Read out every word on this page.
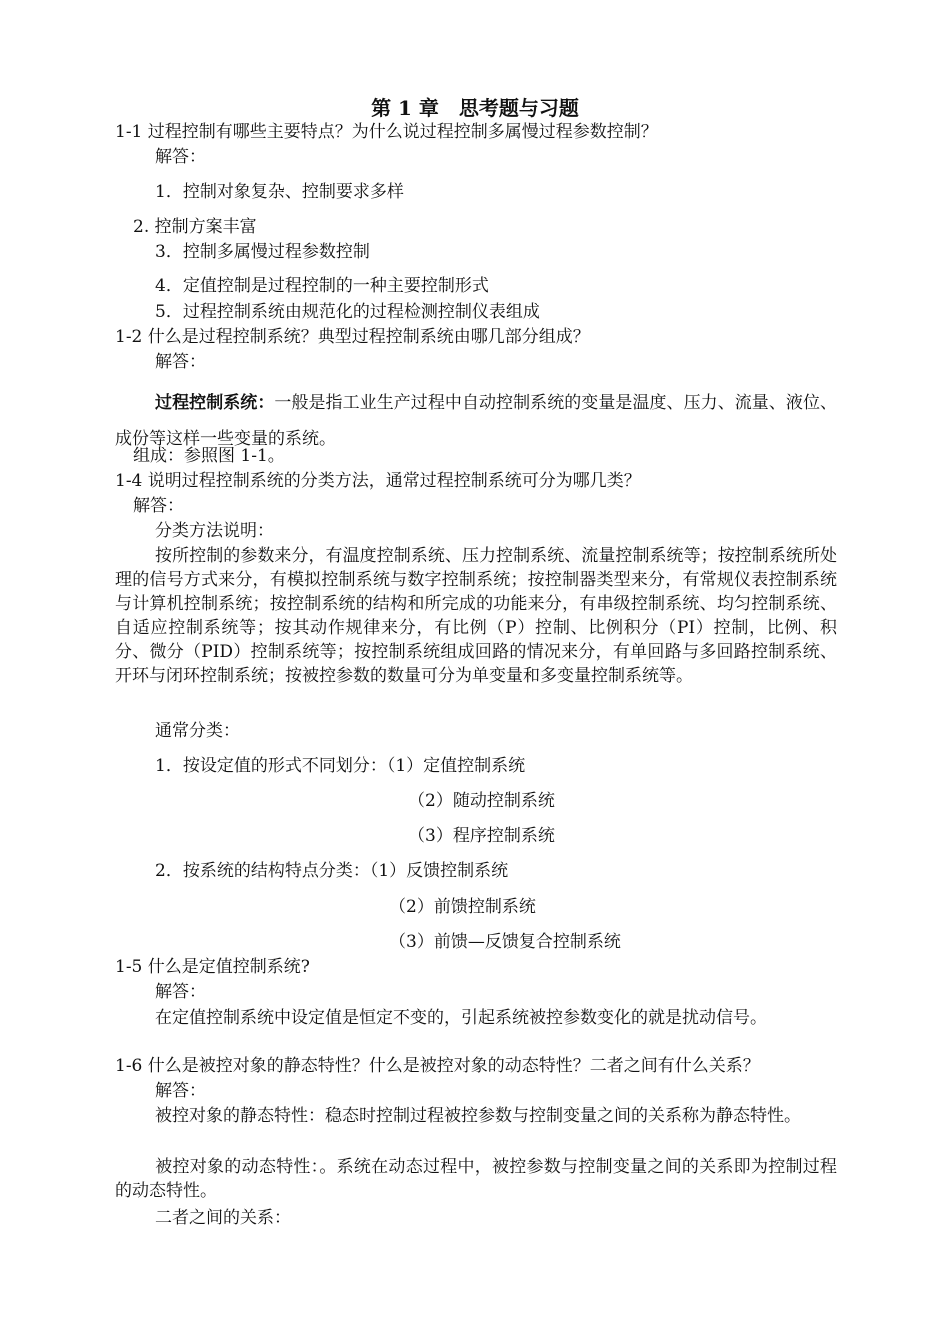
第 1 章　思考题与习题
1-1 过程控制有哪些主要特点？为什么说过程控制多属慢过程参数控制？
解答：
1．控制对象复杂、控制要求多样
2. 控制方案丰富
3．控制多属慢过程参数控制
4．定值控制是过程控制的一种主要控制形式
5．过程控制系统由规范化的过程检测控制仪表组成
1-2 什么是过程控制系统？典型过程控制系统由哪几部分组成？
解答：
过程控制系统：一般是指工业生产过程中自动控制系统的变量是温度、压力、流量、液位、成份等这样一些变量的系统。
组成：参照图 1-1。
1-4 说明过程控制系统的分类方法，通常过程控制系统可分为哪几类？
解答：
分类方法说明：
按所控制的参数来分，有温度控制系统、压力控制系统、流量控制系统等；按控制系统所处理的信号方式来分，有模拟控制系统与数字控制系统；按控制器类型来分，有常规仪表控制系统与计算机控制系统；按控制系统的结构和所完成的功能来分，有串级控制系统、均匀控制系统、自适应控制系统等；按其动作规律来分，有比例（P）控制、比例积分（PI）控制，比例、积分、微分（PID）控制系统等；按控制系统组成回路的情况来分，有单回路与多回路控制系统、开环与闭环控制系统；按被控参数的数量可分为单变量和多变量控制系统等。
通常分类：
1．按设定值的形式不同划分：（1）定值控制系统
（2）随动控制系统
（3）程序控制系统
2．按系统的结构特点分类：（1）反馈控制系统
（2）前馈控制系统
（3）前馈—反馈复合控制系统
1-5 什么是定值控制系统?
解答：
在定值控制系统中设定值是恒定不变的，引起系统被控参数变化的就是扰动信号。
1-6 什么是被控对象的静态特性？什么是被控对象的动态特性？二者之间有什么关系？
解答：
被控对象的静态特性：稳态时控制过程被控参数与控制变量之间的关系称为静态特性。
被控对象的动态特性：。系统在动态过程中，被控参数与控制变量之间的关系即为控制过程的动态特性。
二者之间的关系：
